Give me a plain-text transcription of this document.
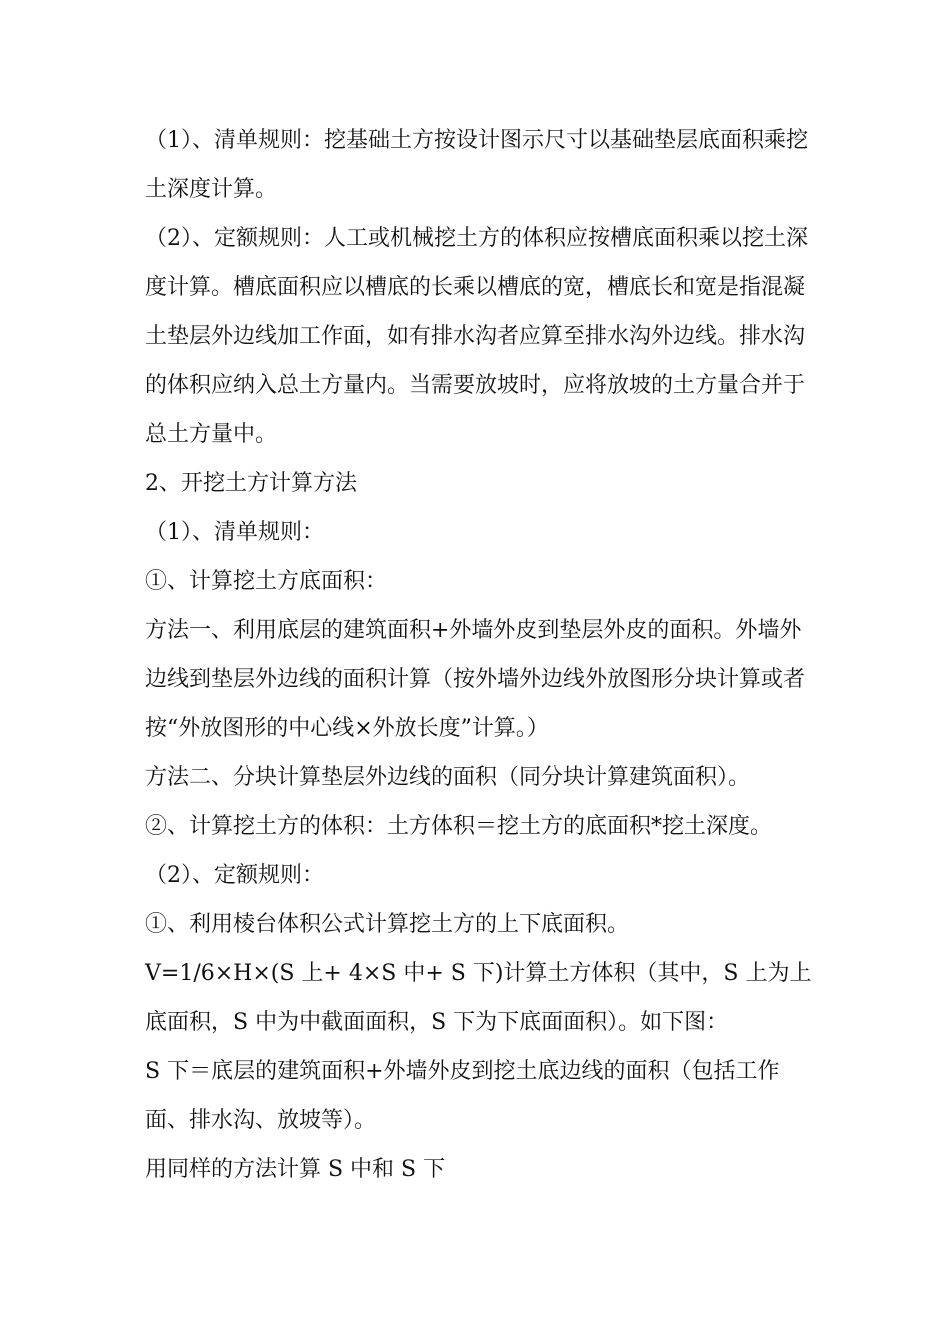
（1）、清单规则：挖基础土方按设计图示尺寸以基础垫层底面积乘挖土深度计算。

（2）、定额规则：人工或机械挖土方的体积应按槽底面积乘以挖土深度计算。槽底面积应以槽底的长乘以槽底的宽，槽底长和宽是指混凝土垫层外边线加工作面，如有排水沟者应算至排水沟外边线。排水沟的体积应纳入总土方量内。当需要放坡时，应将放坡的土方量合并于总土方量中。

2、开挖土方计算方法

（1）、清单规则：

①、计算挖土方底面积：

方法一、利用底层的建筑面积+外墙外皮到垫层外皮的面积。外墙外边线到垫层外边线的面积计算（按外墙外边线外放图形分块计算或者按“外放图形的中心线×外放长度”计算。）

方法二、分块计算垫层外边线的面积（同分块计算建筑面积）。

②、计算挖土方的体积：土方体积＝挖土方的底面积*挖土深度。

（2）、定额规则：

①、利用棱台体积公式计算挖土方的上下底面积。

V=1/6×H×(S 上+ 4×S 中+ S 下)计算土方体积（其中，S 上为上底面积，S 中为中截面面积，S 下为下底面面积）。如下图：

S 下＝底层的建筑面积+外墙外皮到挖土底边线的面积（包括工作面、排水沟、放坡等）。

用同样的方法计算 S 中和 S 下
